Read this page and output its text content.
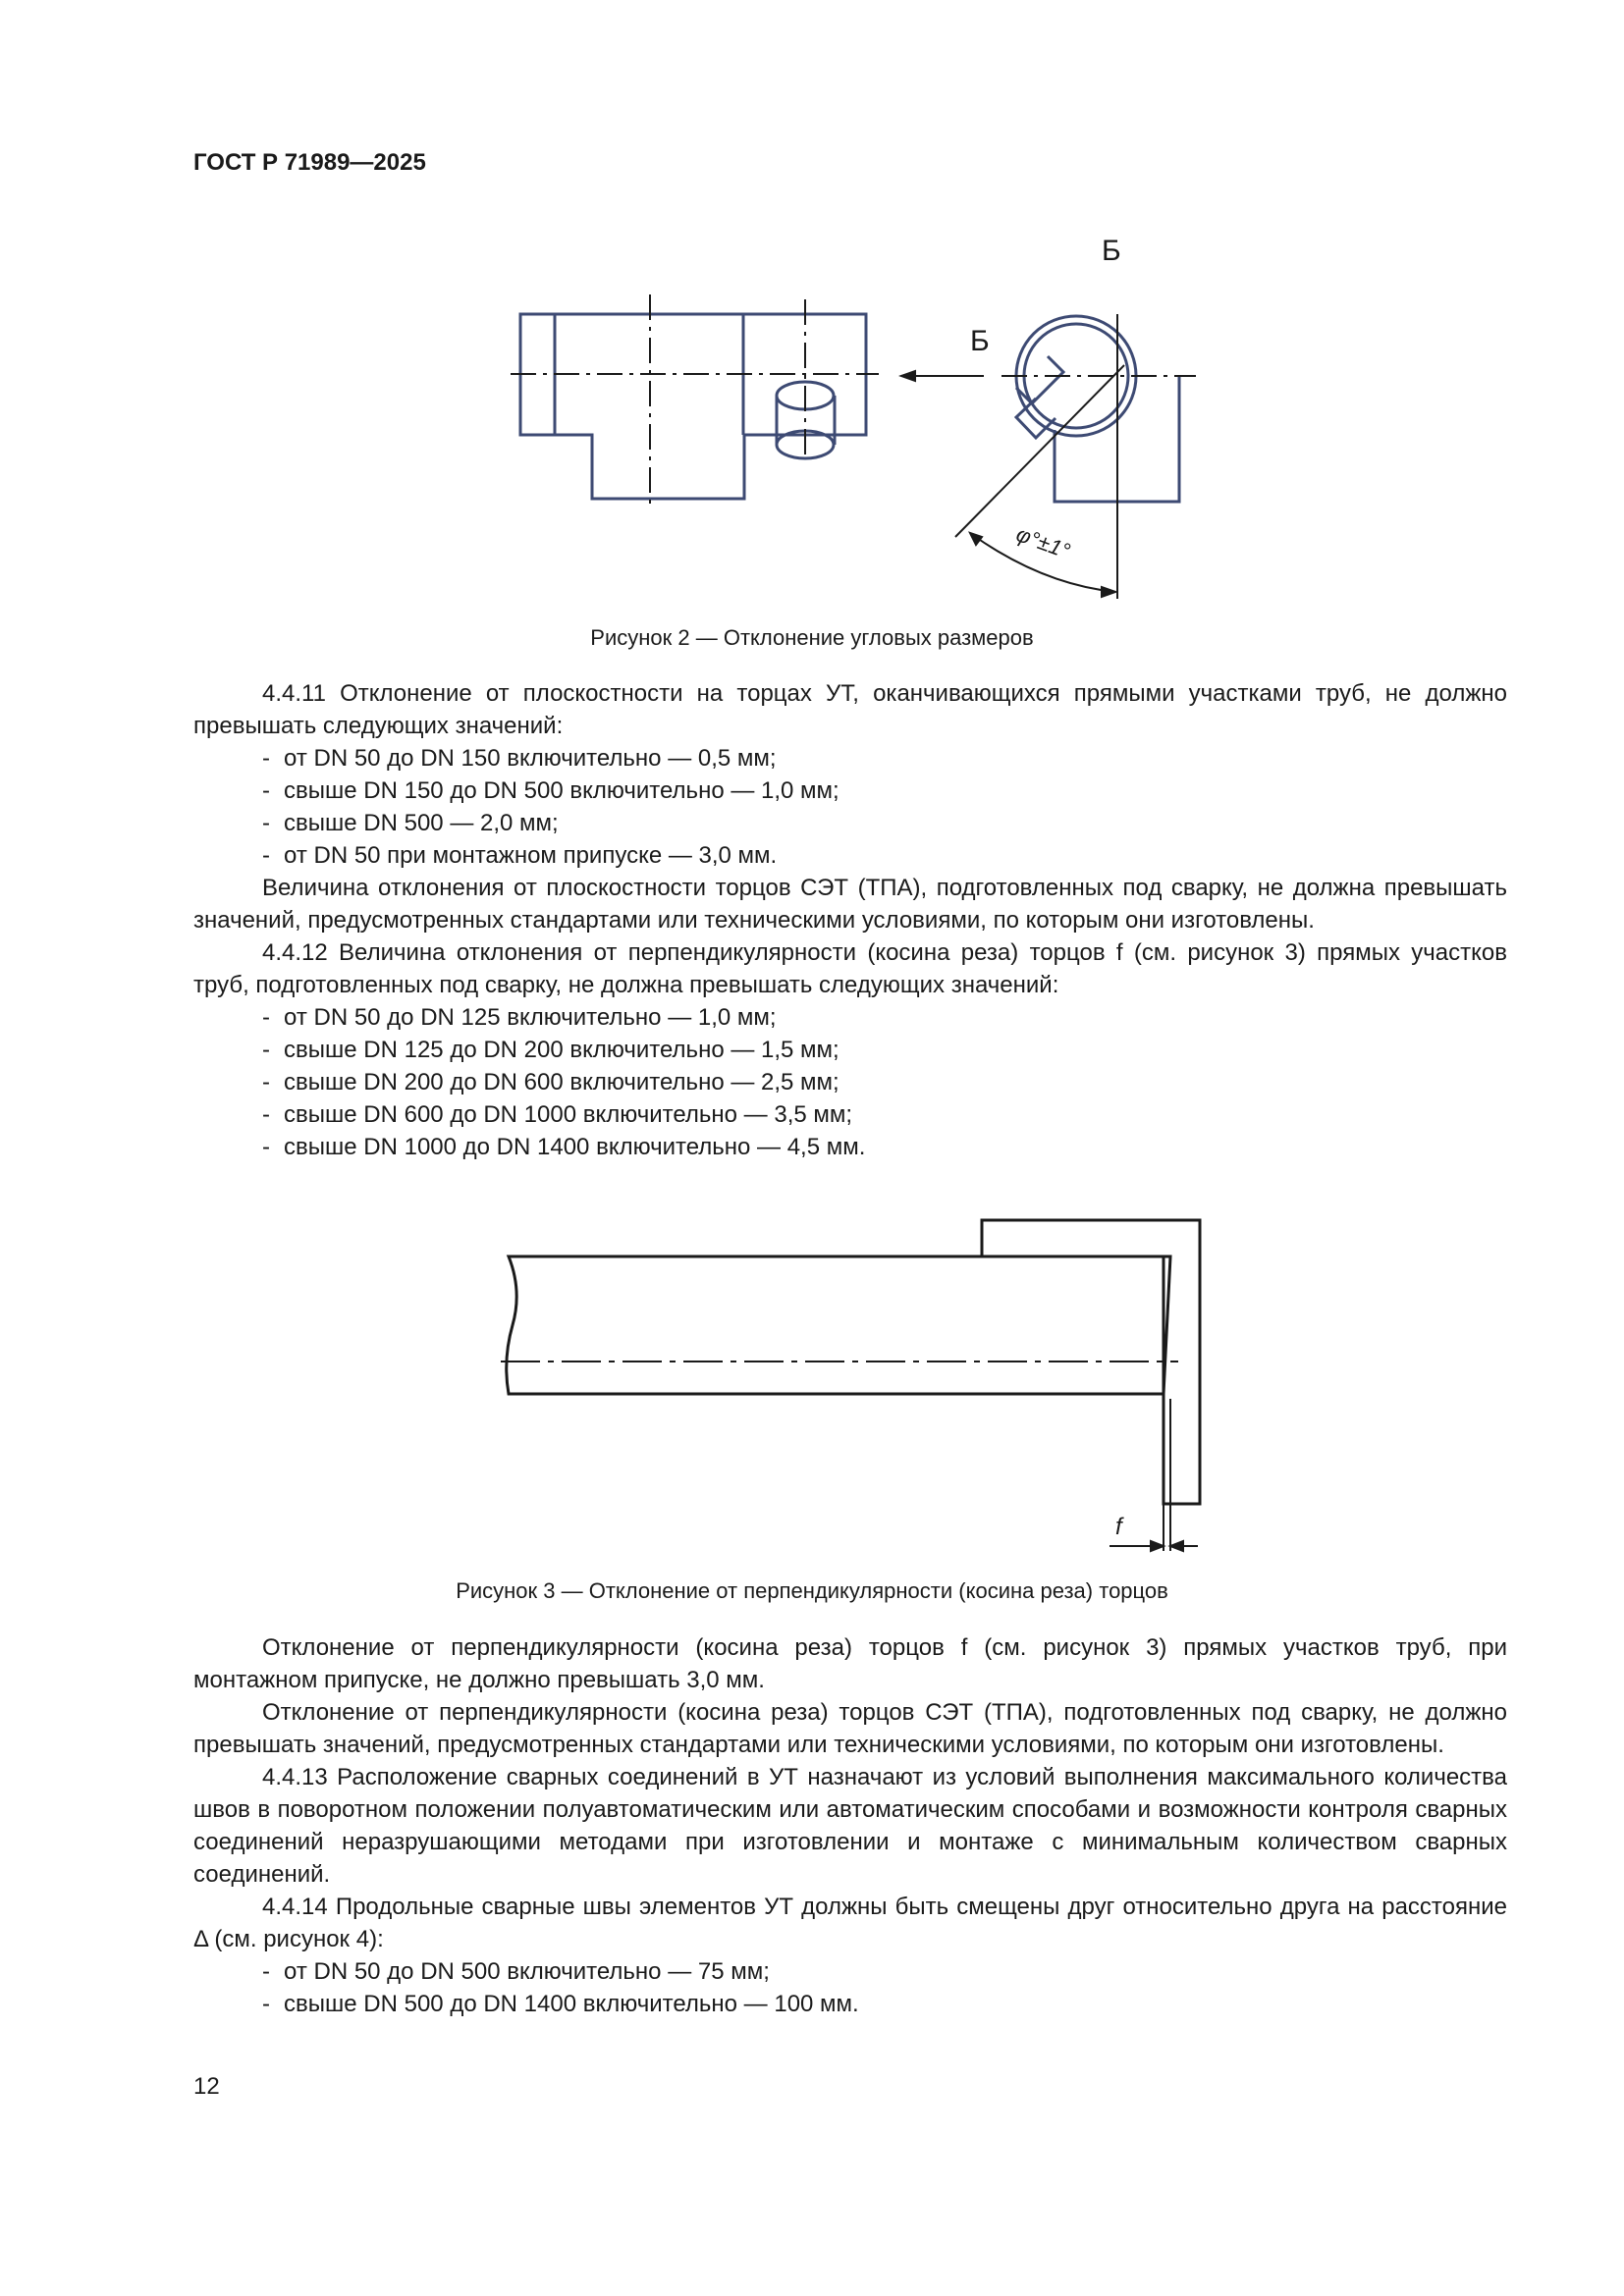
ГОСТ Р 71989—2025
Б
Б
φ°±1°
Рисунок 2 — Отклонение угловых размеров

4.4.11 Отклонение от плоскостности на торцах УТ, оканчивающихся прямыми участками труб, не должно превышать следующих значений:

- от DN 50 до DN 150 включительно — 0,5 мм;

- свыше DN 150 до DN 500 включительно — 1,0 мм;

- свыше DN 500 — 2,0 мм;

- от DN 50 при монтажном припуске — 3,0 мм.

Величина отклонения от плоскостности торцов СЭТ (ТПА), подготовленных под сварку, не должна превышать значений, предусмотренных стандартами или техническими условиями, по которым они изготовлены.

4.4.12 Величина отклонения от перпендикулярности (косина реза) торцов f (см. рисунок 3) прямых участков труб, подготовленных под сварку, не должна превышать следующих значений:

- от DN 50 до DN 125 включительно — 1,0 мм;

- свыше DN 125 до DN 200 включительно — 1,5 мм;

- свыше DN 200 до DN 600 включительно — 2,5 мм;

- свыше DN 600 до DN 1000 включительно — 3,5 мм;

- свыше DN 1000 до DN 1400 включительно — 4,5 мм.

f
Рисунок 3 — Отклонение от перпендикулярности (косина реза) торцов

Отклонение от перпендикулярности (косина реза) торцов f (см. рисунок 3) прямых участков труб, при монтажном припуске, не должно превышать 3,0 мм.

Отклонение от перпендикулярности (косина реза) торцов СЭТ (ТПА), подготовленных под сварку, не должно превышать значений, предусмотренных стандартами или техническими условиями, по которым они изготовлены.

4.4.13 Расположение сварных соединений в УТ назначают из условий выполнения максимального количества швов в поворотном положении полуавтоматическим или автоматическим способами и возможности контроля сварных соединений неразрушающими методами при изготовлении и монтаже с минимальным количеством сварных соединений.

4.4.14 Продольные сварные швы элементов УТ должны быть смещены друг относительно друга на расстояние Δ (см. рисунок 4):

- от DN 50 до DN 500 включительно — 75 мм;

- свыше DN 500 до DN 1400 включительно — 100 мм.

12
